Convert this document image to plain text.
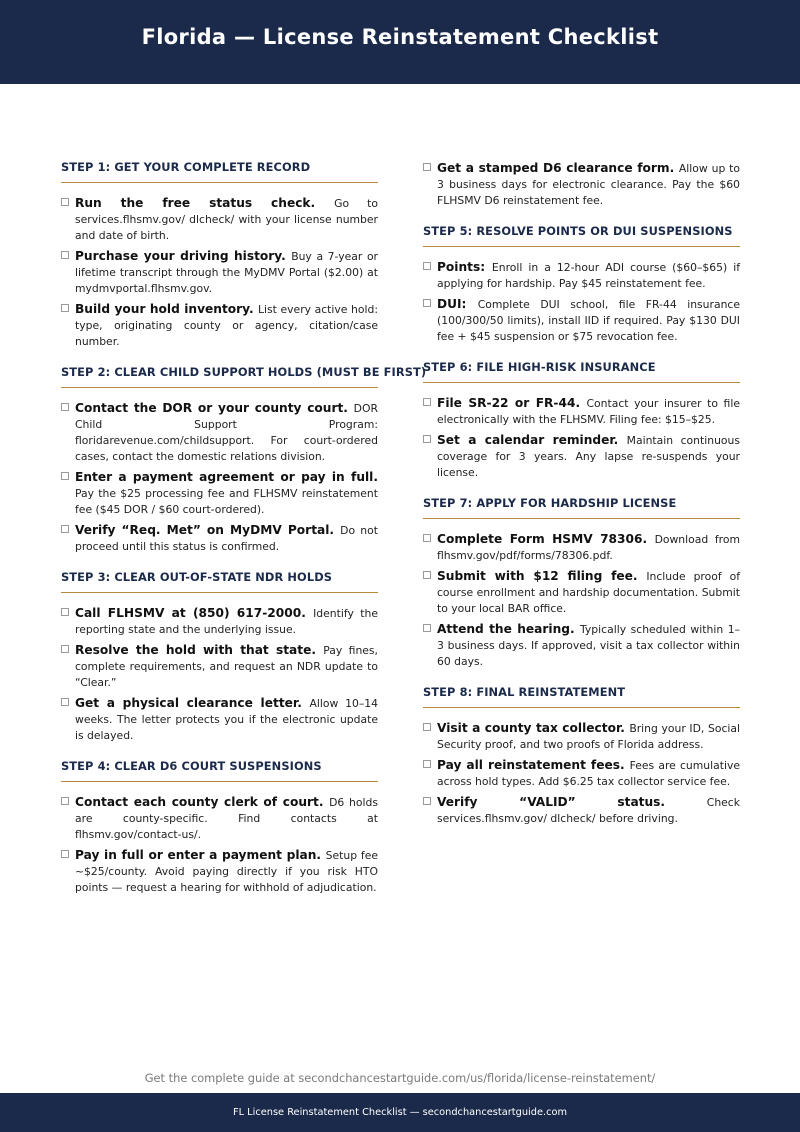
Florida — License Reinstatement Checklist
STEP 1: GET YOUR COMPLETE RECORD
Run the free status check. Go to services.flhsmv.gov/ dlcheck/ with your license number and date of birth.
Purchase your driving history. Buy a 7-year or lifetime transcript through the MyDMV Portal ($2.00) at mydmvportal.flhsmv.gov.
Build your hold inventory. List every active hold: type, originating county or agency, citation/case number.
STEP 2: CLEAR CHILD SUPPORT HOLDS (MUST BE FIRST)
Contact the DOR or your county court. DOR Child Support Program: floridarevenue.com/childsupport. For court-ordered cases, contact the domestic relations division.
Enter a payment agreement or pay in full. Pay the $25 processing fee and FLHSMV reinstatement fee ($45 DOR / $60 court-ordered).
Verify “Req. Met” on MyDMV Portal. Do not proceed until this status is confirmed.
STEP 3: CLEAR OUT-OF-STATE NDR HOLDS
Call FLHSMV at (850) 617-2000. Identify the reporting state and the underlying issue.
Resolve the hold with that state. Pay fines, complete requirements, and request an NDR update to “Clear.”
Get a physical clearance letter. Allow 10–14 weeks. The letter protects you if the electronic update is delayed.
STEP 4: CLEAR D6 COURT SUSPENSIONS
Contact each county clerk of court. D6 holds are county-specific. Find contacts at flhsmv.gov/contact-us/.
Pay in full or enter a payment plan. Setup fee ~$25/county. Avoid paying directly if you risk HTO points — request a hearing for withhold of adjudication.
Get a stamped D6 clearance form. Allow up to 3 business days for electronic clearance. Pay the $60 FLHSMV D6 reinstatement fee.
STEP 5: RESOLVE POINTS OR DUI SUSPENSIONS
Points: Enroll in a 12-hour ADI course ($60–$65) if applying for hardship. Pay $45 reinstatement fee.
DUI: Complete DUI school, file FR-44 insurance (100/300/50 limits), install IID if required. Pay $130 DUI fee + $45 suspension or $75 revocation fee.
STEP 6: FILE HIGH-RISK INSURANCE
File SR-22 or FR-44. Contact your insurer to file electronically with the FLHSMV. Filing fee: $15–$25.
Set a calendar reminder. Maintain continuous coverage for 3 years. Any lapse re-suspends your license.
STEP 7: APPLY FOR HARDSHIP LICENSE
Complete Form HSMV 78306. Download from flhsmv.gov/pdf/forms/78306.pdf.
Submit with $12 filing fee. Include proof of course enrollment and hardship documentation. Submit to your local BAR office.
Attend the hearing. Typically scheduled within 1–3 business days. If approved, visit a tax collector within 60 days.
STEP 8: FINAL REINSTATEMENT
Visit a county tax collector. Bring your ID, Social Security proof, and two proofs of Florida address.
Pay all reinstatement fees. Fees are cumulative across hold types. Add $6.25 tax collector service fee.
Verify “VALID” status. Check services.flhsmv.gov/ dlcheck/ before driving.
Get the complete guide at secondchancestartguide.com/us/florida/license-reinstatement/
FL License Reinstatement Checklist — secondchancestartguide.com
